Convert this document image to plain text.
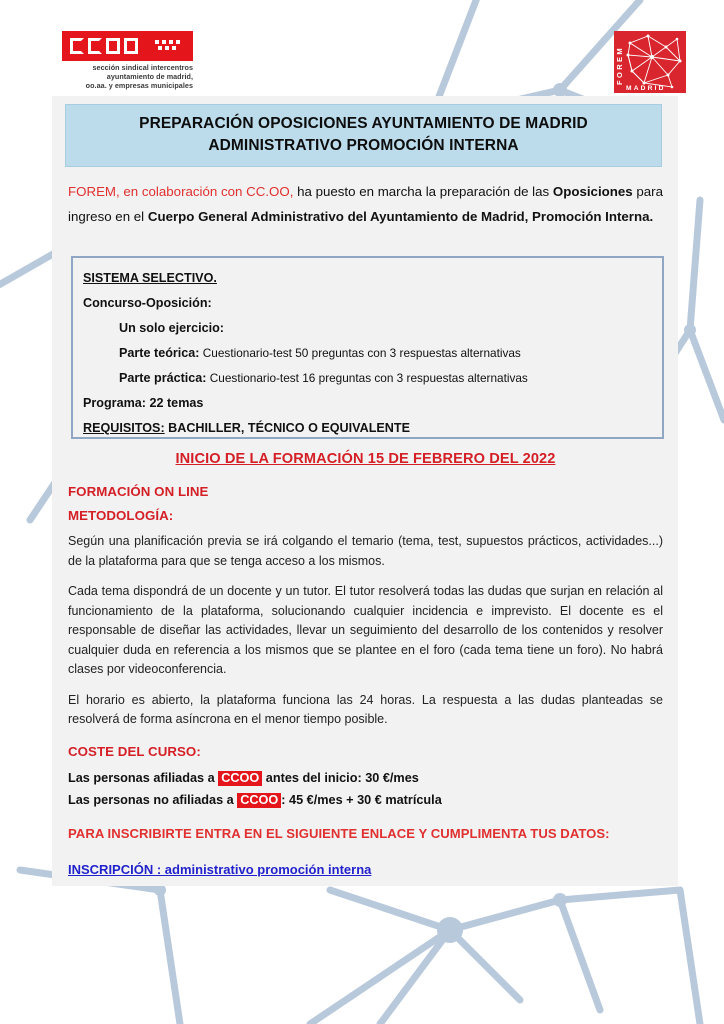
PREPARACIÓN OPOSICIONES AYUNTAMIENTO DE MADRID
ADMINISTRATIVO PROMOCIÓN INTERNA
FOREM, en colaboración con CC.OO, ha puesto en marcha la preparación de las Oposiciones para ingreso en el Cuerpo General Administrativo del Ayuntamiento de Madrid, Promoción Interna.
SISTEMA SELECTIVO.
Concurso-Oposición:
Un solo ejercicio:
Parte teórica: Cuestionario-test 50 preguntas con 3 respuestas alternativas
Parte práctica: Cuestionario-test 16 preguntas con 3 respuestas alternativas
Programa: 22 temas
REQUISITOS: BACHILLER, TÉCNICO O EQUIVALENTE
INICIO DE LA FORMACIÓN 15 DE FEBRERO DEL 2022
FORMACIÓN ON LINE
METODOLOGÍA:
Según una planificación previa se irá colgando el temario (tema, test, supuestos prácticos, actividades...) de la plataforma para que se tenga acceso a los mismos.
Cada tema dispondrá de un docente y un tutor. El tutor resolverá todas las dudas que surjan en relación al funcionamiento de la plataforma, solucionando cualquier incidencia e imprevisto. El docente es el responsable de diseñar las actividades, llevar un seguimiento del desarrollo de los contenidos y resolver cualquier duda en referencia a los mismos que se plantee en el foro (cada tema tiene un foro). No habrá clases por videoconferencia.
El horario es abierto, la plataforma funciona las 24 horas. La respuesta a las dudas planteadas se resolverá de forma asíncrona en el menor tiempo posible.
COSTE DEL CURSO:
Las personas afiliadas a CCOO antes del inicio: 30 €/mes
Las personas no afiliadas a CCOO : 45 €/mes + 30 € matrícula
PARA INSCRIBIRTE ENTRA EN EL SIGUIENTE ENLACE Y CUMPLIMENTA TUS DATOS:
INSCRIPCIÓN : administrativo promoción interna
sección sindical intercentros
ayuntamiento de madrid,
oo.aa. y empresas municipales
FOREM
MADRID
